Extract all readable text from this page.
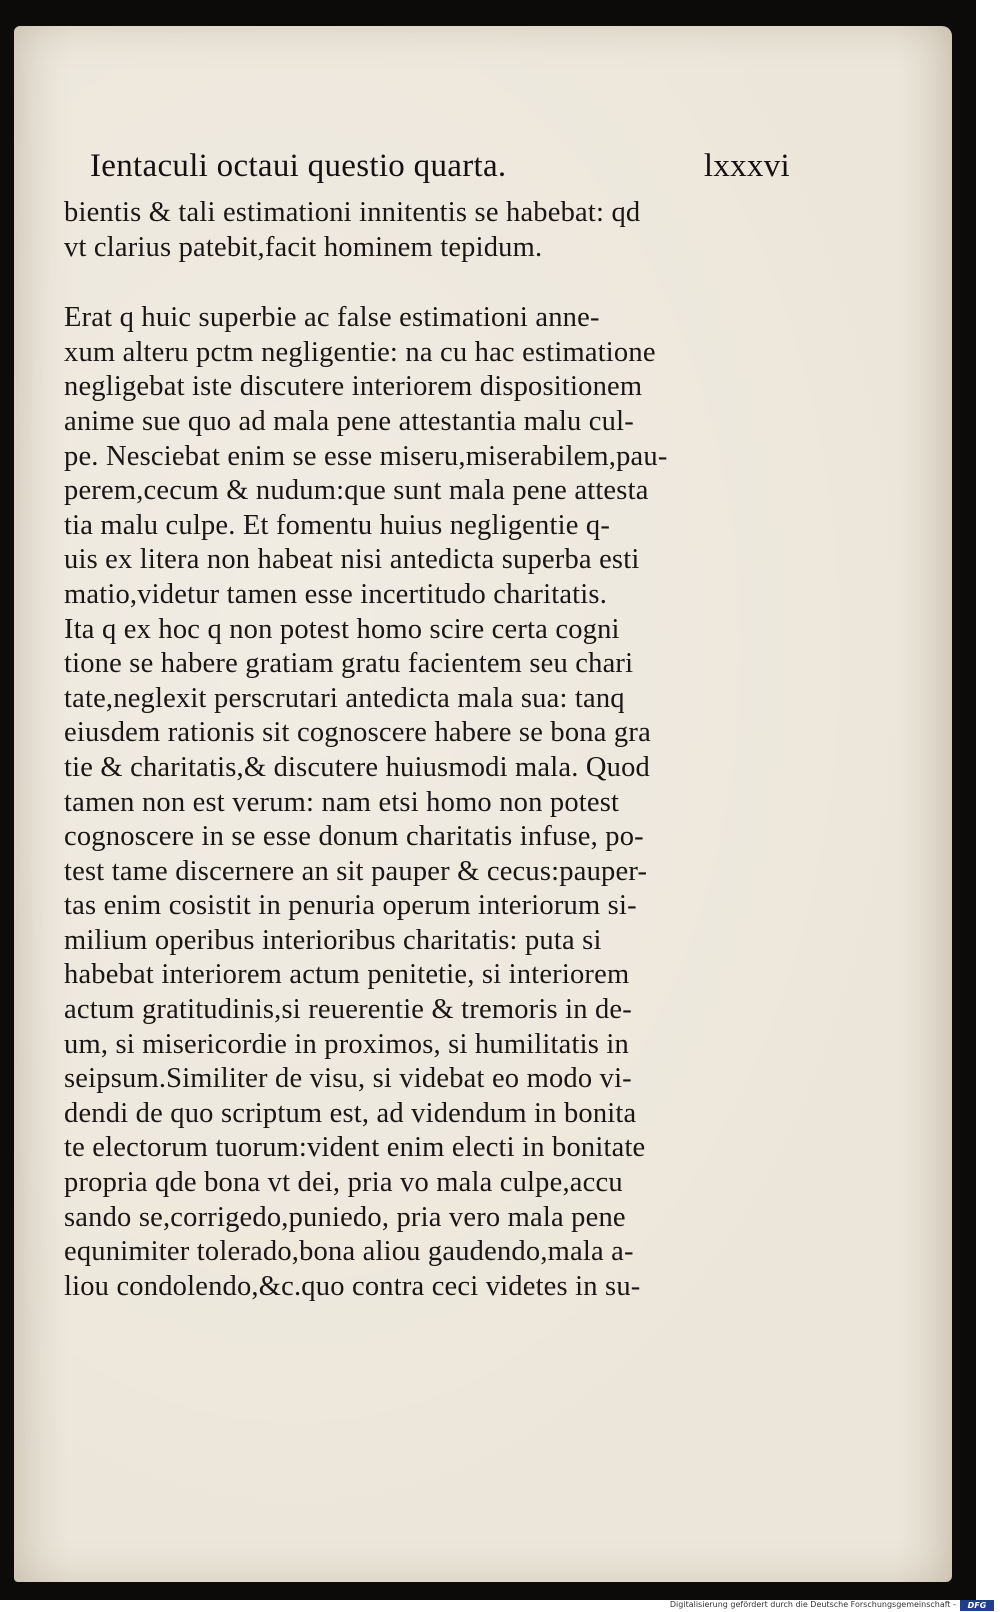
Ientaculi octaui questio quarta.	lxxxvi
bientis & tali estimationi innitentis se habebat: qd
vt clarius patebit,facit hominem tepidum.
Erat q huic superbie ac false estimationi anne-
xum alteru pctm negligentie: na cu hac estimatione
negligebat iste discutere interiorem dispositionem
anime sue quo ad mala pene attestantia malu cul-
pe. Nesciebat enim se esse miseru,miserabilem,pau-
perem,cecum & nudum:que sunt mala pene attesta
tia malu culpe. Et fomentu huius negligentie q-
uis ex litera non habeat nisi antedicta superba esti
matio,videtur tamen esse incertitudo charitatis.
Ita q ex hoc q non potest homo scire certa cogni
tione se habere gratiam gratu facientem seu chari
tate,neglexit perscrutari antedicta mala sua: tanq
eiusdem rationis sit cognoscere habere se bona gra
tie & charitatis,& discutere huiusmodi mala. Quod
tamen non est verum: nam etsi homo non potest
cognoscere in se esse donum charitatis infuse, po-
test tame discernere an sit pauper & cecus:pauper-
tas enim cosistit in penuria operum interiorum si-
milium operibus interioribus charitatis: puta si
habebat interiorem actum penitetie, si interiorem
actum gratitudinis,si reuerentie & tremoris in de-
um, si misericordie in proximos, si humilitatis in
seipsum.Similiter de visu, si videbat eo modo vi-
dendi de quo scriptum est, ad videndum in bonita
te electorum tuorum:vident enim electi in bonitate
propria qde bona vt dei, pria vo mala culpe,accu
sando se,corrigedo,puniedo, pria vero mala pene
equnimiter tolerado,bona aliou gaudendo,mala a-
liou condolendo,&c.quo contra ceci videtes in su-
Digitalisierung gefördert durch die Deutsche Forschungsgemeinschaft -	DFG
